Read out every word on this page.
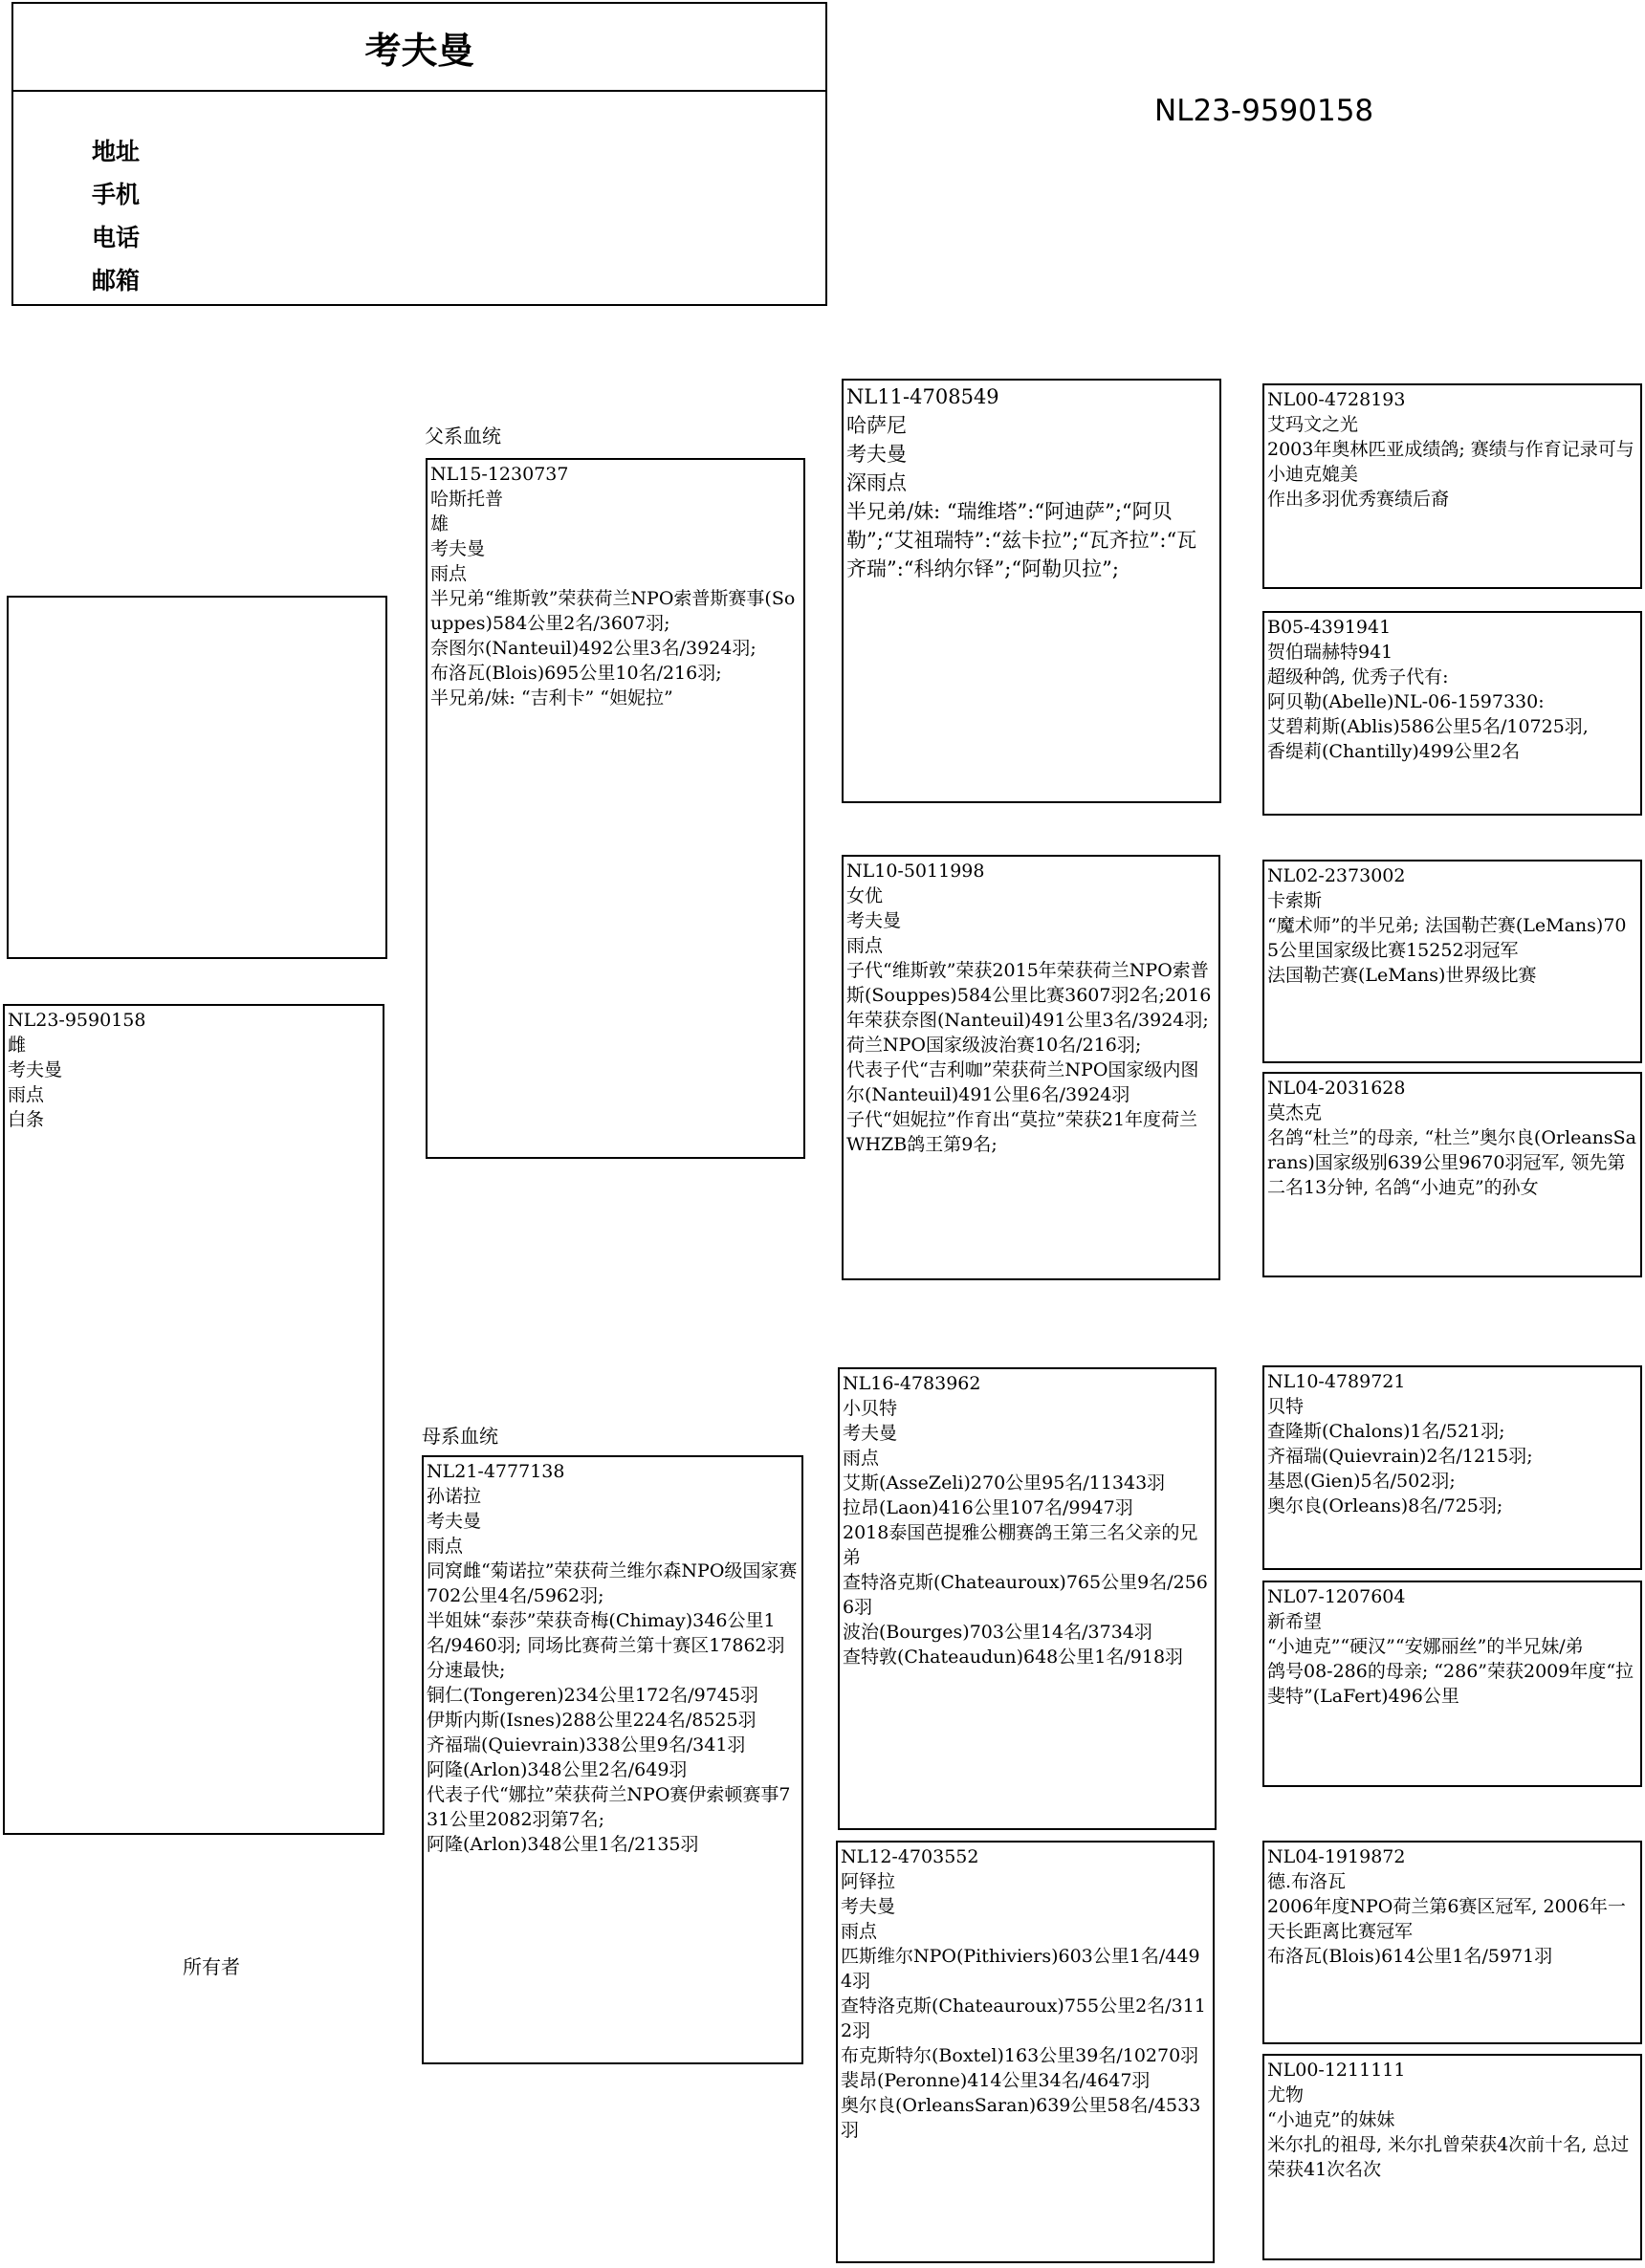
考夫曼
地址
手机
电话
邮箱
NL23-9590158
父系血统
母系血统
所有者
NL23-9590158
雌
考夫曼
雨点
白条
NL15-1230737
哈斯托普
雄
考夫曼
雨点
半兄弟“维斯敦”荣获荷兰NPO索普斯赛事(Souppes)584公里2名/3607羽;
奈图尔(Nanteuil)492公里3名/3924羽;
布洛瓦(Blois)695公里10名/216羽;
半兄弟/妹: “吉利卡” “妲妮拉”
NL21-4777138
孙诺拉
考夫曼
雨点
同窝雌“菊诺拉”荣获荷兰维尔森NPO级国家赛702公里4名/5962羽;
半姐妹“泰莎”荣获奇梅(Chimay)346公里1名/9460羽; 同场比赛荷兰第十赛区17862羽分速最快;
铜仁(Tongeren)234公里172名/9745羽
伊斯内斯(Isnes)288公里224名/8525羽
齐福瑞(Quievrain)338公里9名/341羽
阿隆(Arlon)348公里2名/649羽
代表子代“娜拉”荣获荷兰NPO赛伊索顿赛事731公里2082羽第7名;
阿隆(Arlon)348公里1名/2135羽
NL11-4708549
哈萨尼
考夫曼
深雨点
半兄弟/妹: “瑞维塔”:“阿迪萨”;“阿贝勒”;“艾祖瑞特”:“兹卡拉”;“瓦齐拉”:“瓦齐瑞”:“科纳尔铎”;“阿勒贝拉”;
NL10-5011998
女优
考夫曼
雨点
子代“维斯敦”荣获2015年荣获荷兰NPO索普斯(Souppes)584公里比赛3607羽2名;2016年荣获奈图(Nanteuil)491公里3名/3924羽; 荷兰NPO国家级波治赛10名/216羽;
代表子代“吉利咖”荣获荷兰NPO国家级内图尔(Nanteuil)491公里6名/3924羽
子代“妲妮拉”作育出“莫拉”荣获21年度荷兰WHZB鸽王第9名;
NL16-4783962
小贝特
考夫曼
雨点
艾斯(AsseZeli)270公里95名/11343羽
拉昂(Laon)416公里107名/9947羽
2018泰国芭提雅公棚赛鸽王第三名父亲的兄弟
查特洛克斯(Chateauroux)765公里9名/2566羽
波治(Bourges)703公里14名/3734羽
查特敦(Chateaudun)648公里1名/918羽
NL12-4703552
阿铎拉
考夫曼
雨点
匹斯维尔NPO(Pithiviers)603公里1名/4494羽
查特洛克斯(Chateauroux)755公里2名/3112羽
布克斯特尔(Boxtel)163公里39名/10270羽
裴昂(Peronne)414公里34名/4647羽
奥尔良(OrleansSaran)639公里58名/4533羽
NL00-4728193
艾玛文之光
2003年奥林匹亚成绩鸽; 赛绩与作育记录可与小迪克媲美
作出多羽优秀赛绩后裔
B05-4391941
贺伯瑞赫特941
超级种鸽, 优秀子代有:
阿贝勒(Abelle)NL-06-1597330:
艾碧莉斯(Ablis)586公里5名/10725羽,
香缇莉(Chantilly)499公里2名
NL02-2373002
卡索斯
“魔术师”的半兄弟; 法国勒芒赛(LeMans)705公里国家级比赛15252羽冠军
法国勒芒赛(LeMans)世界级比赛
NL04-2031628
莫杰克
名鸽“杜兰”的母亲, “杜兰”奥尔良(OrleansSarans)国家级别639公里9670羽冠军, 领先第二名13分钟, 名鸽“小迪克”的孙女
NL10-4789721
贝特
查隆斯(Chalons)1名/521羽;
齐福瑞(Quievrain)2名/1215羽;
基恩(Gien)5名/502羽;
奥尔良(Orleans)8名/725羽;
NL07-1207604
新希望
“小迪克”“硬汉”“安娜丽丝”的半兄妹/弟
鸽号08-286的母亲; “286”荣获2009年度“拉斐特”(LaFert)496公里
NL04-1919872
德.布洛瓦
2006年度NPO荷兰第6赛区冠军, 2006年一天长距离比赛冠军
布洛瓦(Blois)614公里1名/5971羽
NL00-1211111
尤物
“小迪克”的妹妹
米尔扎的祖母, 米尔扎曾荣获4次前十名, 总过荣获41次名次
